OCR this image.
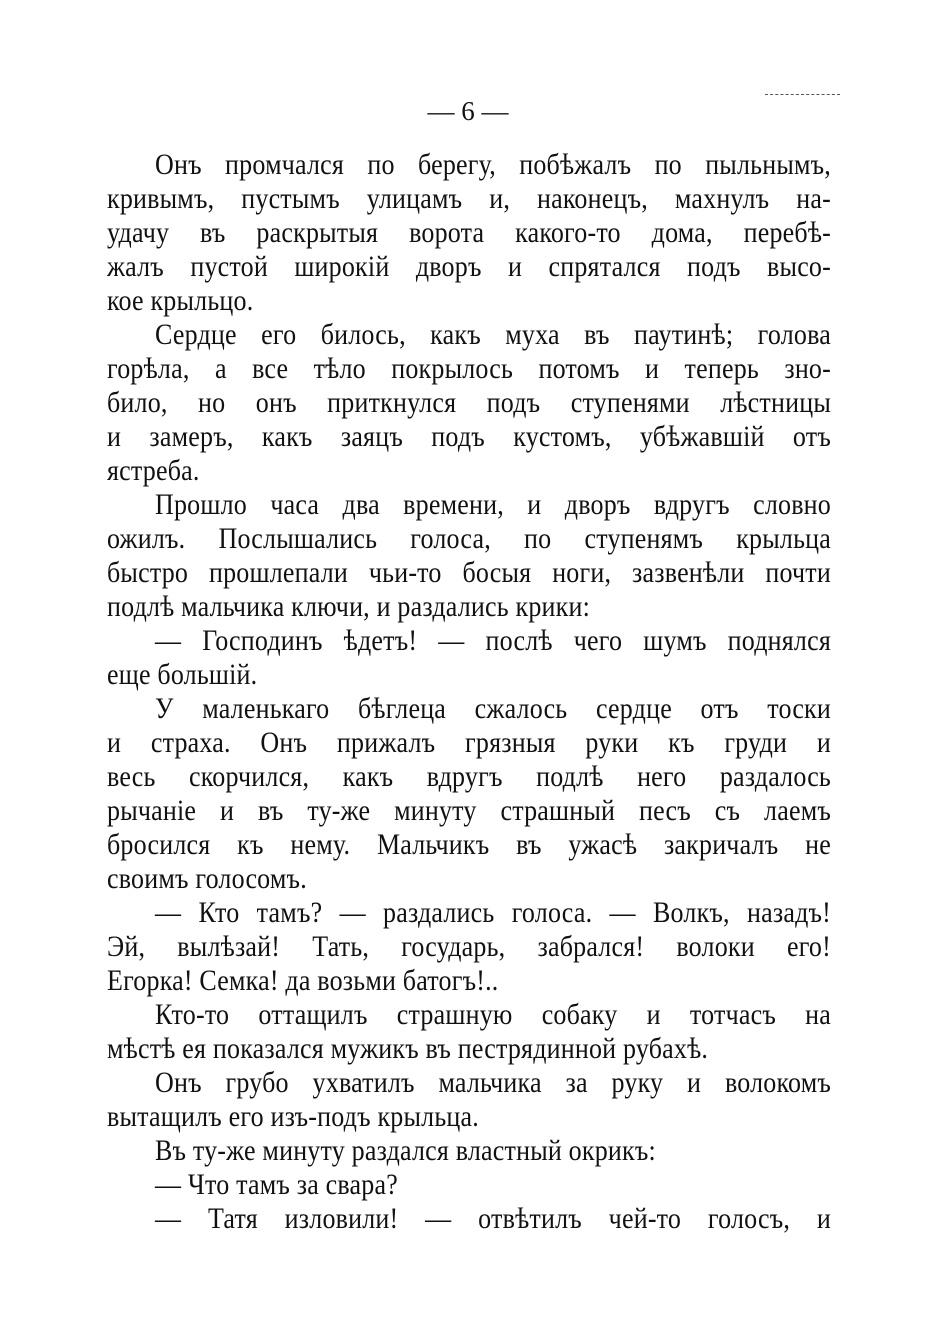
— 6 —
Онъ промчался по берегу, побѣжалъ по пыльнымъ,
кривымъ, пустымъ улицамъ и, наконецъ, махнулъ на-
удачу въ раскрытыя ворота какого-то дома, перебѣ-
жалъ пустой широкій дворъ и спрятался подъ высо-
кое крыльцо.
Сердце его билось, какъ муха въ паутинѣ; голова
горѣла, а все тѣло покрылось потомъ и теперь зно-
било, но онъ приткнулся подъ ступенями лѣстницы
и замеръ, какъ заяцъ подъ кустомъ, убѣжавшій отъ
ястреба.
Прошло часа два времени, и дворъ вдругъ словно
ожилъ. Послышались голоса, по ступенямъ крыльца
быстро прошлепали чьи-то босыя ноги, зазвенѣли почти
подлѣ мальчика ключи, и раздались крики:
— Господинъ ѣдетъ! — послѣ чего шумъ поднялся
еще большій.
У маленькаго бѣглеца сжалось сердце отъ тоски
и страха. Онъ прижалъ грязныя руки къ груди и
весь скорчился, какъ вдругъ подлѣ него раздалось
рычаніе и въ ту-же минуту страшный песъ съ лаемъ
бросился къ нему. Мальчикъ въ ужасѣ закричалъ не
своимъ голосомъ.
— Кто тамъ? — раздались голоса. — Волкъ, назадъ!
Эй, вылѣзай! Тать, государь, забрался! волоки его!
Егорка! Семка! да возьми батогъ!..
Кто-то оттащилъ страшную собаку и тотчасъ на
мѣстѣ ея показался мужикъ въ пестрядинной рубахѣ.
Онъ грубо ухватилъ мальчика за руку и волокомъ
вытащилъ его изъ-подъ крыльца.
Въ ту-же минуту раздался властный окрикъ:
— Что тамъ за свара?
— Татя изловили! — отвѣтилъ чей-то голосъ, и
